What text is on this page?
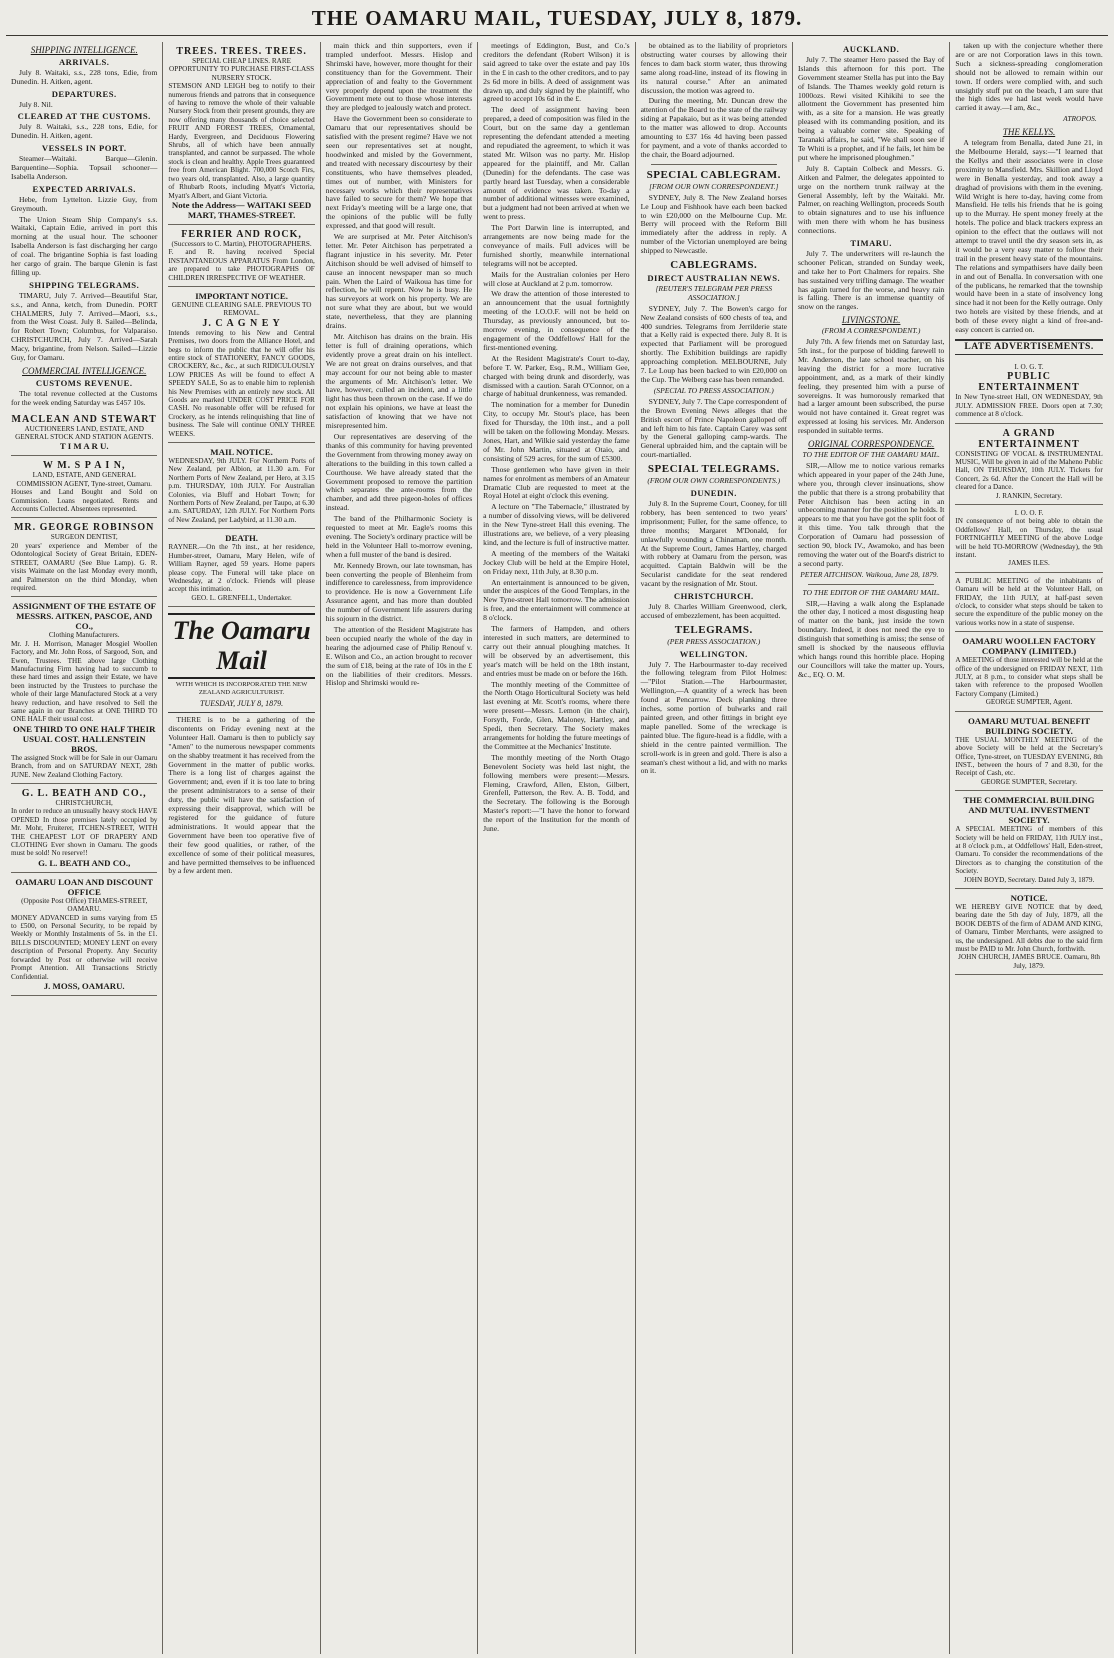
THE OAMARU MAIL, TUESDAY, JULY 8, 1879.
SHIPPING INTELLIGENCE.
ARRIVALS.

July 8. Waitaki, s.s., 228 tons, Edie, from Dunedin. H. Aitken, agent.

DEPARTURES.

July 8. Nil.

CLEARED AT THE CUSTOMS.

July 8. Waitaki, s.s., 228 tons, Edie, for Dunedin. H. Aitken, agent.

VESSELS IN PORT.

Steamer—Waitaki. Barque—Glenin. Barquentine—Sophia. Topsail schooner—Isabella Anderson.

EXPECTED ARRIVALS.

Hebe, from Lyttelton. Lizzie Guy, from Greymouth.

The Union Steam Ship Company's s.s. Waitaki, Captain Edie, arrived in port this morning at the usual hour. The schooner Isabella Anderson is fast discharging her cargo of coal. The brigantine Sophia is fast loading her cargo of grain. The barque Glenin is fast filling up.

SHIPPING TELEGRAMS.

TIMARU, July 7. Arrived—Beautiful Star, s.s., and Anna, ketch, from Dunedin. PORT CHALMERS, July 7. Arrived—Maori, s.s., from the West Coast. July 8. Sailed—Belinda, for Robert Town; Columbus, for Valparaiso. CHRISTCHURCH, July 7. Arrived—Sarah Macy, brigantine, from Nelson. Sailed—Lizzie Guy, for Oamaru.

COMMERCIAL INTELLIGENCE.
CUSTOMS REVENUE.

The total revenue collected at the Customs for the week ending Saturday was £457 10s.

MACLEAN AND STEWART
AUCTIONEERS LAND, ESTATE, AND GENERAL STOCK AND STATION AGENTS.
T I M A R U.
W M. S P A I N,
LAND, ESTATE, AND GENERAL COMMISSION AGENT, Tyne-street, Oamaru.
Houses and Land Bought and Sold on Commission. Loans negotiated. Rents and Accounts Collected. Absentees represented.
MR. GEORGE ROBINSON
SURGEON DENTIST,
20 years' experience and Member of the Odontological Society of Great Britain, EDEN-STREET, OAMARU (See Blue Lamp). G. R. visits Waimate on the last Monday every month, and Palmerston on the third Monday, when required.
ASSIGNMENT OF THE ESTATE OF MESSRS. AITKEN, PASCOE, AND CO.,
Clothing Manufacturers.
Mr. J. H. Morrison, Manager Mosgiel Woollen Factory, and Mr. John Ross, of Sargood, Son, and Ewen, Trustees. THE above large Clothing Manufacturing Firm having had to succumb to these hard times and assign their Estate, we have been instructed by the Trustees to purchase the whole of their large Manufactured Stock at a very heavy reduction, and have resolved to Sell the same again in our Branches at ONE THIRD TO ONE HALF their usual cost.
ONE THIRD TO ONE HALF THEIR USUAL COST. HALLENSTEIN BROS.
The assigned Stock will be for Sale in our Oamaru Branch, from and on SATURDAY NEXT, 28th JUNE. New Zealand Clothing Factory.
G. L. BEATH AND CO.,
CHRISTCHURCH,
In order to reduce an unusually heavy stock HAVE OPENED In those premises lately occupied by Mr. Mohr, Fruiterer, ITCHEN-STREET, WITH THE CHEAPEST LOT OF DRAPERY AND CLOTHING Ever shown in Oamaru. The goods must be sold! No reserve!!
G. L. BEATH AND CO.,
OAMARU LOAN AND DISCOUNT OFFICE
(Opposite Post Office) THAMES-STREET, OAMARU.
MONEY ADVANCED in sums varying from £5 to £500, on Personal Security, to be repaid by Weekly or Monthly Instalments of 5s. in the £1. BILLS DISCOUNTED; MONEY LENT on every description of Personal Property. Any Security forwarded by Post or otherwise will receive Prompt Attention. All Transactions Strictly Confidential.
J. MOSS, OAMARU.
TREES. TREES. TREES.
SPECIAL CHEAP LINES. RARE OPPORTUNITY TO PURCHASE FIRST-CLASS NURSERY STOCK.
STEMSON AND LEIGH beg to notify to their numerous friends and patrons that in consequence of having to remove the whole of their valuable Nursery Stock from their present grounds, they are now offering many thousands of choice selected FRUIT AND FOREST TREES, Ornamental, Hardy, Evergreen, and Deciduous Flowering Shrubs, all of which have been annually transplanted, and cannot be surpassed. The whole stock is clean and healthy. Apple Trees guaranteed free from American Blight. 700,000 Scotch Firs, two years old, transplanted. Also, a large quantity of Rhubarb Roots, including Myatt's Victoria, Myatt's Albert, and Giant Victoria.
Note the Address— WAITAKI SEED MART, THAMES-STREET.
FERRIER AND ROCK,
(Successors to C. Martin), PHOTOGRAPHERS.
F. and R. having received Special INSTANTANEOUS APPARATUS From London, are prepared to take PHOTOGRAPHS OF CHILDREN IRRESPECTIVE OF WEATHER.
IMPORTANT NOTICE.
GENUINE CLEARING SALE. PREVIOUS TO REMOVAL.
J. C A G N E Y
Intends removing to his New and Central Premises, two doors from the Alliance Hotel, and begs to inform the public that he will offer his entire stock of STATIONERY, FANCY GOODS, CROCKERY, &c., &c., at such RIDICULOUSLY LOW PRICES As will be found to effect A SPEEDY SALE, So as to enable him to replenish his New Premises with an entirely new stock. All Goods are marked UNDER COST PRICE FOR CASH. No reasonable offer will be refused for Crockery, as he intends relinquishing that line of business. The Sale will continue ONLY THREE WEEKS.
MAIL NOTICE.
WEDNESDAY, 9th JULY. For Northern Ports of New Zealand, per Albion, at 11.30 a.m. For Northern Ports of New Zealand, per Hero, at 3.15 p.m. THURSDAY, 10th JULY. For Australian Colonies, via Bluff and Hobart Town; for Northern Ports of New Zealand, per Taupo, at 6.30 a.m. SATURDAY, 12th JULY. For Northern Ports of New Zealand, per Ladybird, at 11.30 a.m.
DEATH.
RAYNER.—On the 7th inst., at her residence, Humber-street, Oamaru, Mary Helen, wife of William Rayner, aged 59 years. Home papers please copy. The Funeral will take place on Wednesday, at 2 o'clock. Friends will please accept this intimation.
GEO. L. GRENFELL, Undertaker.
The Oamaru Mail
WITH WHICH IS INCORPORATED THE NEW ZEALAND AGRICULTURIST.
TUESDAY, JULY 8, 1879.

THERE is to be a gathering of the discontents on Friday evening next at the Volunteer Hall. Oamaru is then to publicly say "Amen" to the numerous newspaper comments on the shabby treatment it has received from the Government in the matter of public works. There is a long list of charges against the Government; and, even if it is too late to bring the present administrators to a sense of their duty, the public will have the satisfaction of expressing their disapproval, which will be registered for the guidance of future administrations. It would appear that the Government have been too operative five of their few good qualities, or rather, of the excellence of some of their political measures, and have permitted themselves to be influenced by a few ardent men.

main thick and thin supporters, even if trampled underfoot. Messrs. Hislop and Shrimski have, however, more thought for their constituency than for the Government. Their appreciation of and fealty to the Government very properly depend upon the treatment the Government mete out to those whose interests they are pledged to jealously watch and protect.

Have the Government been so considerate to Oamaru that our representatives should be satisfied with the present regime? Have we not seen our representatives set at nought, hoodwinked and misled by the Government, and treated with necessary discourtesy by their constituents, who have themselves pleaded, times out of number, with Ministers for necessary works which their representatives have failed to secure for them? We hope that next Friday's meeting will be a large one, that the opinions of the public will be fully expressed, and that good will result.

We are surprised at Mr. Peter Aitchison's letter. Mr. Peter Aitchison has perpetrated a flagrant injustice in his severity. Mr. Peter Aitchison should be well advised of himself to cause an innocent newspaper man so much pain. When the Laird of Waikoua has time for reflection, he will repent. Now he is busy. He has surveyors at work on his property. We are not sure what they are about, but we would state, nevertheless, that they are planning drains.

Mr. Aitchison has drains on the brain. His letter is full of draining operations, which evidently prove a great drain on his intellect. We are not great on drains ourselves, and that may account for our not being able to master the arguments of Mr. Aitchison's letter. We have, however, culled an incident, and a little light has thus been thrown on the case. If we do not explain his opinions, we have at least the satisfaction of knowing that we have not misrepresented him.

Our representatives are deserving of the thanks of this community for having prevented the Government from throwing money away on alterations to the building in this town called a Courthouse. We have already stated that the Government proposed to remove the partition which separates the ante-rooms from the chamber, and add three pigeon-holes of offices instead.

The band of the Philharmonic Society is requested to meet at Mr. Eagle's rooms this evening. The Society's ordinary practice will be held in the Volunteer Hall to-morrow evening, when a full muster of the band is desired.

Mr. Kennedy Brown, our late townsman, has been converting the people of Blenheim from indifference to carelessness, from improvidence to providence. He is now a Government Life Assurance agent, and has more than doubled the number of Government life assurers during his sojourn in the district.

The attention of the Resident Magistrate has been occupied nearly the whole of the day in hearing the adjourned case of Philip Renouf v. E. Wilson and Co., an action brought to recover the sum of £18, being at the rate of 10s in the £ on the liabilities of their creditors. Messrs. Hislop and Shrimski would re-

meetings of Eddington, Bust, and Co.'s creditors the defendant (Robert Wilson) it is said agreed to take over the estate and pay 10s in the £ in cash to the other creditors, and to pay 2s 6d more in bills. A deed of assignment was drawn up, and duly signed by the plaintiff, who agreed to accept 10s 6d in the £.

The deed of assignment having been prepared, a deed of composition was filed in the Court, but on the same day a gentleman representing the defendant attended a meeting and repudiated the agreement, to which it was stated Mr. Wilson was no party. Mr. Hislop appeared for the plaintiff, and Mr. Callan (Dunedin) for the defendants. The case was partly heard last Tuesday, when a considerable amount of evidence was taken. To-day a number of additional witnesses were examined, but a judgment had not been arrived at when we went to press.

The Port Darwin line is interrupted, and arrangements are now being made for the conveyance of mails. Full advices will be furnished shortly, meanwhile international telegrams will not be accepted.

Mails for the Australian colonies per Hero will close at Auckland at 2 p.m. tomorrow.

We draw the attention of those interested to an announcement that the usual fortnightly meeting of the I.O.O.F. will not be held on Thursday, as previously announced, but to-morrow evening, in consequence of the engagement of the Oddfellows' Hall for the first-mentioned evening.

At the Resident Magistrate's Court to-day, before T. W. Parker, Esq., R.M., William Gee, charged with being drunk and disorderly, was dismissed with a caution. Sarah O'Connor, on a charge of habitual drunkenness, was remanded.

The nomination for a member for Dunedin City, to occupy Mr. Stout's place, has been fixed for Thursday, the 10th inst., and a poll will be taken on the following Monday. Messrs. Jones, Hart, and Wilkie said yesterday the fame of Mr. John Martin, situated at Otaio, and consisting of 529 acres, for the sum of £5300.

Those gentlemen who have given in their names for enrolment as members of an Amateur Dramatic Club are requested to meet at the Royal Hotel at eight o'clock this evening.

A lecture on "The Tabernacle," illustrated by a number of dissolving views, will be delivered in the New Tyne-street Hall this evening. The illustrations are, we believe, of a very pleasing kind, and the lecture is full of instructive matter.

A meeting of the members of the Waitaki Jockey Club will be held at the Empire Hotel, on Friday next, 11th July, at 8.30 p.m.

An entertainment is announced to be given, under the auspices of the Good Templars, in the New Tyne-street Hall tomorrow. The admission is free, and the entertainment will commence at 8 o'clock.

The farmers of Hampden, and others interested in such matters, are determined to carry out their annual ploughing matches. It will be observed by an advertisement, this year's match will be held on the 18th instant, and entries must be made on or before the 16th.

The monthly meeting of the Committee of the North Otago Horticultural Society was held last evening at Mr. Scott's rooms, where there were present—Messrs. Lemon (in the chair), Forsyth, Forde, Glen, Maloney, Hartley, and Spedi, then Secretary. The Society makes arrangements for holding the future meetings of the Committee at the Mechanics' Institute.

The monthly meeting of the North Otago Benevolent Society was held last night, the following members were present:—Messrs. Fleming, Crawford, Allen, Elston, Gilbert, Grenfell, Patterson, the Rev. A. B. Todd, and the Secretary. The following is the Borough Master's report:—"I have the honor to forward the report of the Institution for the month of June.

be obtained as to the liability of proprietors obstructing water courses by allowing their fences to dam back storm water, thus throwing same along road-line, instead of its flowing in its natural course." After an animated discussion, the motion was agreed to.

During the meeting, Mr. Duncan drew the attention of the Board to the state of the railway siding at Papakaio, but as it was being attended to the matter was allowed to drop. Accounts amounting to £37 16s 4d having been passed for payment, and a vote of thanks accorded to the chair, the Board adjourned.

SPECIAL CABLEGRAM.
[FROM OUR OWN CORRESPONDENT.]

SYDNEY, July 8. The New Zealand horses Le Loup and Fishhook have each been backed to win £20,000 on the Melbourne Cup. Mr. Berry will proceed with the Reform Bill immediately after the address in reply. A number of the Victorian unemployed are being shipped to Newcastle.

CABLEGRAMS.
DIRECT AUSTRALIAN NEWS.
[REUTER'S TELEGRAM PER PRESS ASSOCIATION.]

SYDNEY, July 7. The Bowen's cargo for New Zealand consists of 600 chests of tea, and 400 sundries. Telegrams from Jerrilderie state that a Kelly raid is expected there. July 8. It is expected that Parliament will be prorogued shortly. The Exhibition buildings are rapidly approaching completion. MELBOURNE, July 7. Le Loup has been backed to win £20,000 on the Cup. The Welberg case has been remanded.

(SPECIAL TO PRESS ASSOCIATION.)

SYDNEY, July 7. The Cape correspondent of the Brown Evening News alleges that the British escort of Prince Napoleon galloped off and left him to his fate. Captain Carey was sent by the General galloping camp-wards. The General upbraided him, and the captain will be court-martialled.

SPECIAL TELEGRAMS.
(FROM OUR OWN CORRESPONDENTS.)
DUNEDIN.

July 8. In the Supreme Court, Cooney, for till robbery, has been sentenced to two years' imprisonment; Fuller, for the same offence, to three months; Margaret M'Donald, for unlawfully wounding a Chinaman, one month. At the Supreme Court, James Hartley, charged with robbery at Oamaru from the person, was acquitted. Captain Baldwin will be the Secularist candidate for the seat rendered vacant by the resignation of Mr. Stout.

CHRISTCHURCH.

July 8. Charles William Greenwood, clerk, accused of embezzlement, has been acquitted.

TELEGRAMS.
(PER PRESS ASSOCIATION.)
WELLINGTON.

July 7. The Harbourmaster to-day received the following telegram from Pilot Holmes:—"Pilot Station.—The Harbourmaster, Wellington,—A quantity of a wreck has been found at Pencarrow. Deck planking three inches, some portion of bulwarks and rail painted green, and other fittings in bright eye maple panelled. Some of the wreckage is painted blue. The figure-head is a fiddle, with a shield in the centre painted vermillion. The scroll-work is in green and gold. There is also a seaman's chest without a lid, and with no marks on it.

AUCKLAND.

July 7. The steamer Hero passed the Bay of Islands this afternoon for this port. The Government steamer Stella has put into the Bay of Islands. The Thames weekly gold return is 1000ozs. Rewi visited Kihikihi to see the allotment the Government has presented him with, as a site for a mansion. He was greatly pleased with its commanding position, and its being a valuable corner site. Speaking of Taranaki affairs, he said, "We shall soon see if Te Whiti is a prophet, and if he fails, let him be put where he imprisoned ploughmen."

July 8. Captain Colbeck and Messrs. G. Aitken and Palmer, the delegates appointed to urge on the northern trunk railway at the General Assembly, left by the Waitaki. Mr. Palmer, on reaching Wellington, proceeds South to obtain signatures and to use his influence with men there with whom he has business connections.

TIMARU.

July 7. The underwriters will re-launch the schooner Pelican, stranded on Sunday week, and take her to Port Chalmers for repairs. She has sustained very trifling damage. The weather has again turned for the worse, and heavy rain is falling. There is an immense quantity of snow on the ranges.

LIVINGSTONE.
(FROM A CORRESPONDENT.)

July 7th. A few friends met on Saturday last, 5th inst., for the purpose of bidding farewell to Mr. Anderson, the late school teacher, on his leaving the district for a more lucrative appointment, and, as a mark of their kindly feeling, they presented him with a purse of sovereigns. It was humorously remarked that had a larger amount been subscribed, the purse would not have contained it. Great regret was expressed at losing his services. Mr. Anderson responded in suitable terms.

ORIGINAL CORRESPONDENCE.
TO THE EDITOR OF THE OAMARU MAIL.

SIR,—Allow me to notice various remarks which appeared in your paper of the 24th June, where you, through clever insinuations, show the public that there is a strong probability that Peter Aitchison has been acting in an unbecoming manner for the position he holds. It appears to me that you have got the split foot of it this time. You talk through that the Corporation of Oamaru had possession of section 90, block IV., Awamoko, and has been removing the water out of the Board's district to a second party.

PETER AITCHISON. Waikoua, June 28, 1879.
TO THE EDITOR OF THE OAMARU MAIL.

SIR,—Having a walk along the Esplanade the other day, I noticed a most disgusting heap of matter on the bank, just inside the town boundary. Indeed, it does not need the eye to distinguish that something is amiss; the sense of smell is shocked by the nauseous effluvia which hangs round this horrible place. Hoping our Councillors will take the matter up. Yours, &c., EQ. O. M.

taken up with the conjecture whether there are or are not Corporation laws in this town. Such a sickness-spreading conglomeration should not be allowed to remain within our town. If orders were complied with, and such unsightly stuff put on the beach, I am sure that the high tides we had last week would have carried it away.—I am, &c.,

ATROPOS.
THE KELLYS.

A telegram from Benalla, dated June 21, in the Melbourne Herald, says:—"I learned that the Kellys and their associates were in close proximity to Mansfield. Mrs. Skillion and Lloyd were in Benalla yesterday, and took away a draghad of provisions with them in the evening. Wild Wright is here to-day, having come from Mansfield. He tells his friends that he is going up to the Murray. He spent money freely at the hotels. The police and black trackers express an opinion to the effect that the outlaws will not attempt to travel until the dry season sets in, as it would be a very easy matter to follow their trail in the present heavy state of the mountains. The relations and sympathisers have daily been in and out of Benalla. In conversation with one of the publicans, he remarked that the township would have been in a state of insolvency long since had it not been for the Kelly outrage. Only two hotels are visited by these friends, and at both of these every night a kind of free-and-easy concert is carried on.

LATE ADVERTISEMENTS.
I. O. G. T.
PUBLIC ENTERTAINMENT
In New Tyne-street Hall, ON WEDNESDAY, 9th JULY. ADMISSION FREE. Doors open at 7.30; commence at 8 o'clock.
A GRAND ENTERTAINMENT
CONSISTING OF VOCAL & INSTRUMENTAL MUSIC, Will be given in aid of the Maheno Public Hall, ON THURSDAY, 10th JULY. Tickets for Concert, 2s 6d. After the Concert the Hall will be cleared for a Dance.
J. RANKIN, Secretary.
I. O. O. F.
IN consequence of not being able to obtain the Oddfellows' Hall, on Thursday, the usual FORTNIGHTLY MEETING of the above Lodge will be held TO-MORROW (Wednesday), the 9th instant.
JAMES ILES.
A PUBLIC MEETING of the inhabitants of Oamaru will be held at the Volunteer Hall, on FRIDAY, the 11th JULY, at half-past seven o'clock, to consider what steps should be taken to secure the expenditure of the public money on the various works now in a state of suspense.
OAMARU WOOLLEN FACTORY COMPANY (LIMITED.)
A MEETING of those interested will be held at the office of the undersigned on FRIDAY NEXT, 11th JULY, at 8 p.m., to consider what steps shall be taken with reference to the proposed Woollen Factory Company (Limited.)
GEORGE SUMPTER, Agent.
OAMARU MUTUAL BENEFIT BUILDING SOCIETY.
THE USUAL MONTHLY MEETING of the above Society will be held at the Secretary's Office, Tyne-street, on TUESDAY EVENING, 8th INST., between the hours of 7 and 8.30, for the Receipt of Cash, etc.
GEORGE SUMPTER, Secretary.
THE COMMERCIAL BUILDING AND MUTUAL INVESTMENT SOCIETY.
A SPECIAL MEETING of members of this Society will be held on FRIDAY, 11th JULY inst., at 8 o'clock p.m., at Oddfellows' Hall, Eden-street, Oamaru. To consider the recommendations of the Directors as to changing the constitution of the Society.
JOHN BOYD, Secretary. Dated July 3, 1879.
NOTICE.
WE HEREBY GIVE NOTICE that by deed, bearing date the 5th day of July, 1879, all the BOOK DEBTS of the firm of ADAM AND KING, of Oamaru, Timber Merchants, were assigned to us, the undersigned. All debts due to the said firm must be PAID to Mr. John Church, forthwith.
JOHN CHURCH, JAMES BRUCE. Oamaru, 8th July, 1879.
